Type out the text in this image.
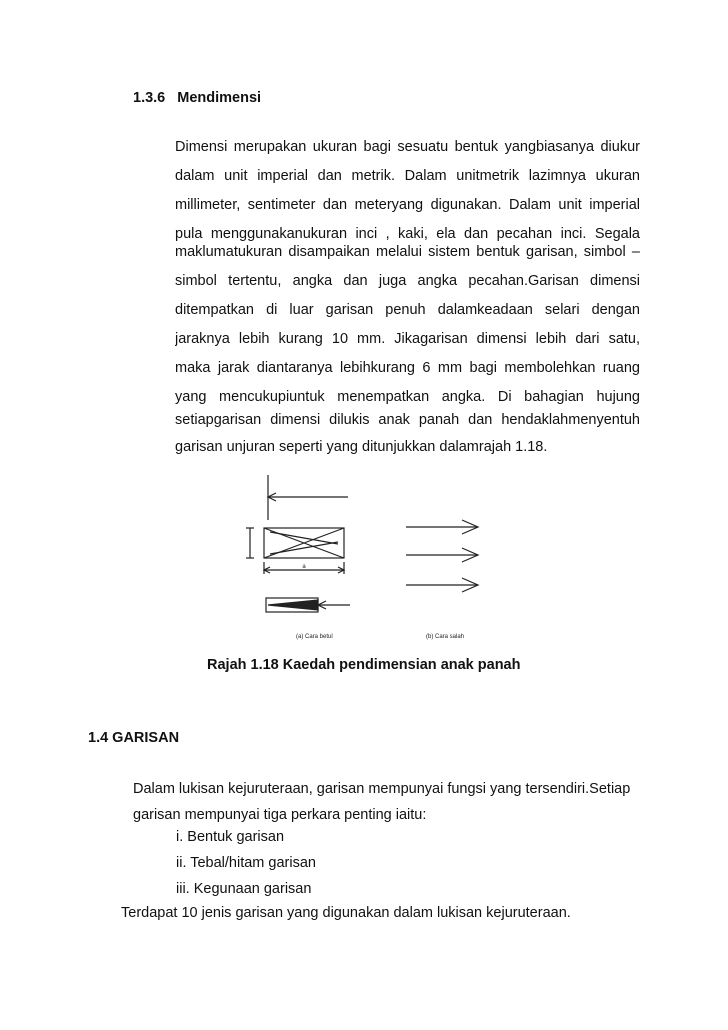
1.3.6 Mendimensi
Dimensi merupakan ukuran bagi sesuatu bentuk yangbiasanya diukur
dalam unit imperial dan metrik. Dalam unitmetrik lazimnya ukuran
millimeter, sentimeter dan meteryang digunakan. Dalam unit imperial
pula menggunakanukuran inci , kaki, ela dan pecahan inci. Segala
maklumatukuran disampaikan melalui sistem bentuk garisan, simbol –
simbol tertentu, angka dan juga angka pecahan.Garisan dimensi
ditempatkan di luar garisan penuh dalamkeadaan selari dengan
jaraknya lebih kurang 10 mm. Jikagarisan dimensi lebih dari satu,
maka jarak diantaranya lebihkurang 6 mm bagi membolehkan ruang
yang mencukupiuntuk menempatkan angka. Di bahagian hujung
setiapgarisan dimensi dilukis anak panah dan hendaklahmenyentuh
garisan unjuran seperti yang ditunjukkan dalamrajah 1.18.
a
(a) Cara betul	(b) Cara salah
Rajah 1.18 Kaedah pendimensian anak panah
1.4 GARISAN
Dalam lukisan kejuruteraan, garisan mempunyai fungsi yang tersendiri.Setiap
garisan mempunyai tiga perkara penting iaitu:
i. Bentuk garisan
ii. Tebal/hitam garisan
iii. Kegunaan garisan
Terdapat 10 jenis garisan yang digunakan dalam lukisan kejuruteraan.
